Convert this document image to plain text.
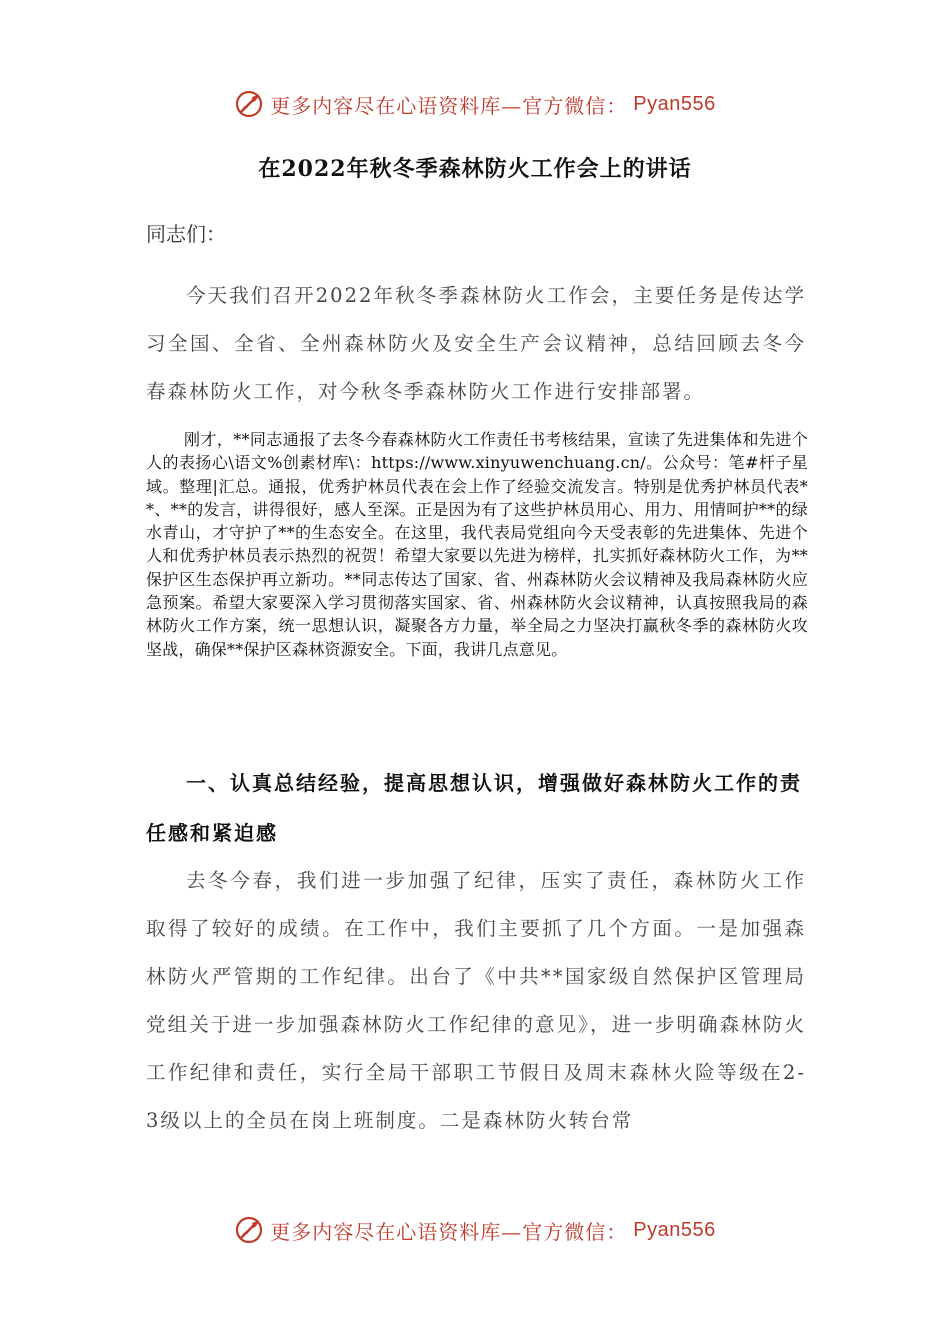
更多内容尽在心语资料库—官方微信： Pyan556
在2022年秋冬季森林防火工作会上的讲话
同志们：
今天我们召开2022年秋冬季森林防火工作会，主要任务是传达学习全国、全省、全州森林防火及安全生产会议精神，总结回顾去冬今春森林防火工作，对今秋冬季森林防火工作进行安排部署。
刚才，**同志通报了去冬今春森林防火工作责任书考核结果，宣读了先进集体和先进个人的表扬心\语文%创素材库\：https://www.xinyuwenchuang.cn/。公众号：笔#杆子星域。整理|汇总。通报，优秀护林员代表在会上作了经验交流发言。特别是优秀护林员代表**、**的发言，讲得很好，感人至深。正是因为有了这些护林员用心、用力、用情呵护**的绿水青山，才守护了**的生态安全。在这里，我代表局党组向今天受表彰的先进集体、先进个人和优秀护林员表示热烈的祝贺！希望大家要以先进为榜样，扎实抓好森林防火工作，为**保护区生态保护再立新功。**同志传达了国家、省、州森林防火会议精神及我局森林防火应急预案。希望大家要深入学习贯彻落实国家、省、州森林防火会议精神，认真按照我局的森林防火工作方案，统一思想认识，凝聚各方力量，举全局之力坚决打赢秋冬季的森林防火攻坚战，确保**保护区森林资源安全。下面，我讲几点意见。
一、认真总结经验，提高思想认识，增强做好森林防火工作的责任感和紧迫感
去冬今春，我们进一步加强了纪律，压实了责任，森林防火工作取得了较好的成绩。在工作中，我们主要抓了几个方面。一是加强森林防火严管期的工作纪律。出台了《中共**国家级自然保护区管理局党组关于进一步加强森林防火工作纪律的意见》，进一步明确森林防火工作纪律和责任，实行全局干部职工节假日及周末森林火险等级在2-3级以上的全员在岗上班制度。二是森林防火转台常
更多内容尽在心语资料库—官方微信： Pyan556
